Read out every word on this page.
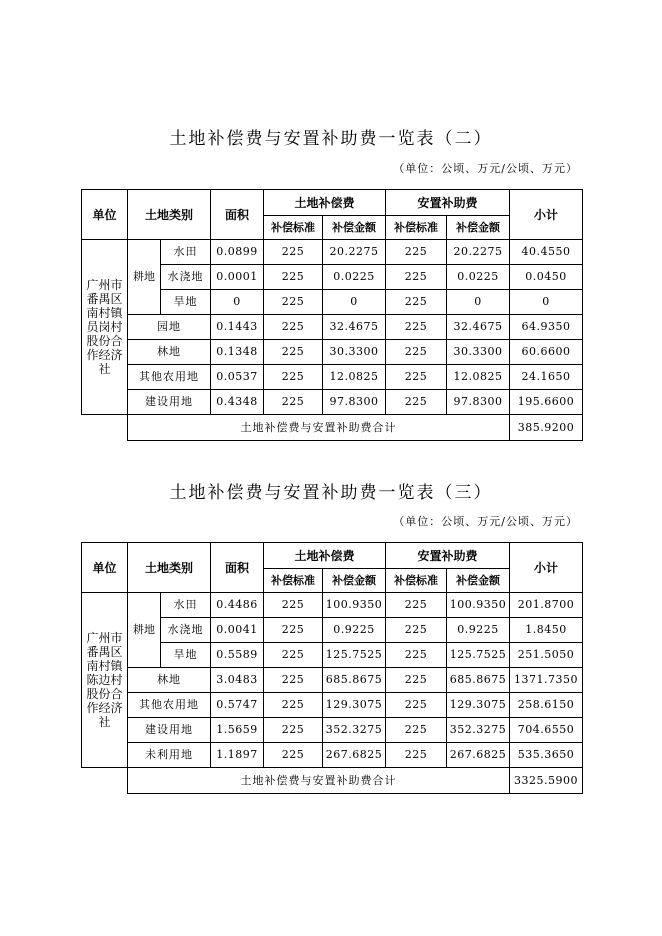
土地补偿费与安置补助费一览表（二）
（单位：公顷、万元/公顷、万元）
单位	土地类别		面积	土地补偿费		安置补助费		小计
				补偿标准	补偿金额	补偿标准	补偿金额	

广州市番禺区南村镇员岗村股份合作经济社	耕地	水田	0.0899	225	20.2275	225	20.2275	40.4550
		水浇地	0.0001	225	0.0225	225	0.0225	0.0450
		旱地	0	225	0	225	0	0
	园地		0.1443	225	32.4675	225	32.4675	64.9350
	林地		0.1348	225	30.3300	225	30.3300	60.6600
	其他农用地		0.0537	225	12.0825	225	12.0825	24.1650
	建设用地		0.4348	225	97.8300	225	97.8300	195.6600
	土地补偿费与安置补助费合计							385.9200
土地补偿费与安置补助费一览表（三）
（单位：公顷、万元/公顷、万元）
单位	土地类别		面积	土地补偿费		安置补助费		小计
				补偿标准	补偿金额	补偿标准	补偿金额	

广州市番禺区南村镇陈边村股份合作经济社	耕地	水田	0.4486	225	100.9350	225	100.9350	201.8700
		水浇地	0.0041	225	0.9225	225	0.9225	1.8450
		旱地	0.5589	225	125.7525	225	125.7525	251.5050
	林地		3.0483	225	685.8675	225	685.8675	1371.7350
	其他农用地		0.5747	225	129.3075	225	129.3075	258.6150
	建设用地		1.5659	225	352.3275	225	352.3275	704.6550
	未利用地		1.1897	225	267.6825	225	267.6825	535.3650
	土地补偿费与安置补助费合计							3325.5900
